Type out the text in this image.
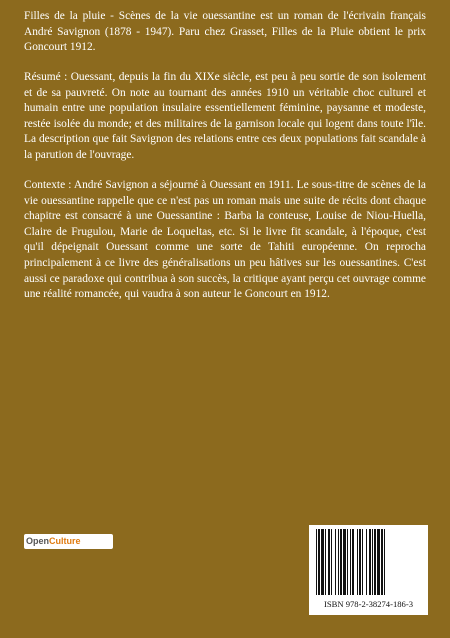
Filles de la pluie - Scènes de la vie ouessantine est un roman de l'écrivain français André Savignon (1878 - 1947). Paru chez Grasset, Filles de la Pluie obtient le prix Goncourt 1912.

Résumé : Ouessant, depuis la fin du XIXe siècle, est peu à peu sortie de son isolement et de sa pauvreté. On note au tournant des années 1910 un véritable choc culturel et humain entre une population insulaire essentiellement féminine, paysanne et modeste, restée isolée du monde; et des militaires de la garnison locale qui logent dans toute l'île. La description que fait Savignon des relations entre ces deux populations fait scandale à la parution de l'ouvrage.

Contexte : André Savignon a séjourné à Ouessant en 1911. Le sous-titre de scènes de la vie ouessantine rappelle que ce n'est pas un roman mais une suite de récits dont chaque chapitre est consacré à une Ouessantine : Barba la conteuse, Louise de Niou-Huella, Claire de Frugulou, Marie de Loqueltas, etc. Si le livre fit scandale, à l'époque, c'est qu'il dépeignait Ouessant comme une sorte de Tahiti européenne. On reprocha principalement à ce livre des généralisations un peu hâtives sur les ouessantines. C'est aussi ce paradoxe qui contribua à son succès, la critique ayant perçu cet ouvrage comme une réalité romancée, qui vaudra à son auteur le Goncourt en 1912.

OpenCulture
ISBN 978-2-38274-186-3
